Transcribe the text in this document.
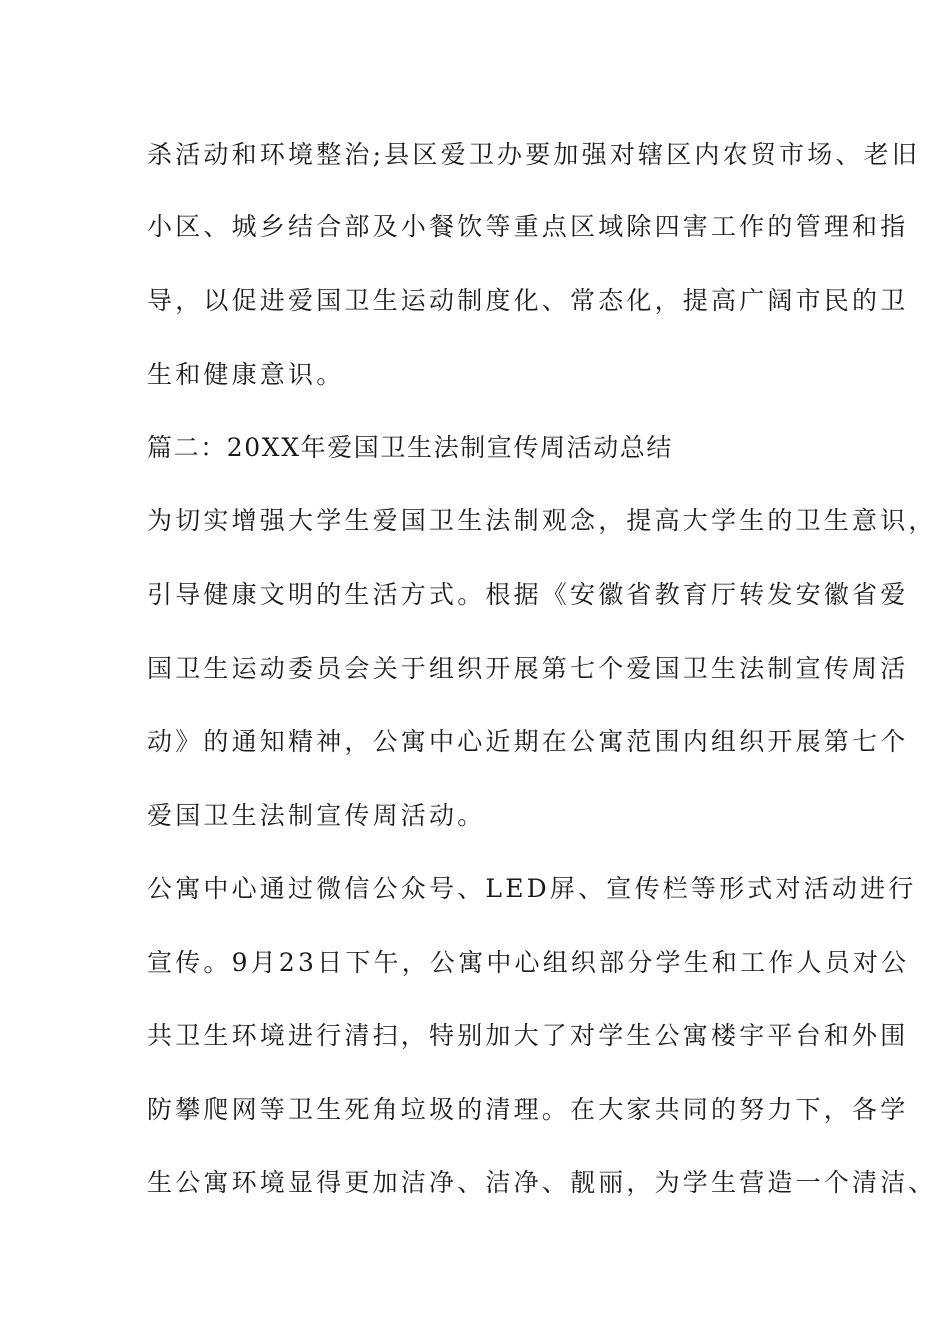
杀活动和环境整治;县区爱卫办要加强对辖区内农贸市场、老旧
小区、城乡结合部及小餐饮等重点区域除四害工作的管理和指
导，以促进爱国卫生运动制度化、常态化，提高广阔市民的卫
生和健康意识。
篇二：20XX年爱国卫生法制宣传周活动总结
为切实增强大学生爱国卫生法制观念，提高大学生的卫生意识，
引导健康文明的生活方式。根据《安徽省教育厅转发安徽省爱
国卫生运动委员会关于组织开展第七个爱国卫生法制宣传周活
动》的通知精神，公寓中心近期在公寓范围内组织开展第七个
爱国卫生法制宣传周活动。
公寓中心通过微信公众号、LED屏、宣传栏等形式对活动进行
宣传。9月23日下午，公寓中心组织部分学生和工作人员对公
共卫生环境进行清扫，特别加大了对学生公寓楼宇平台和外围
防攀爬网等卫生死角垃圾的清理。在大家共同的努力下，各学
生公寓环境显得更加洁净、洁净、靓丽，为学生营造一个清洁、
